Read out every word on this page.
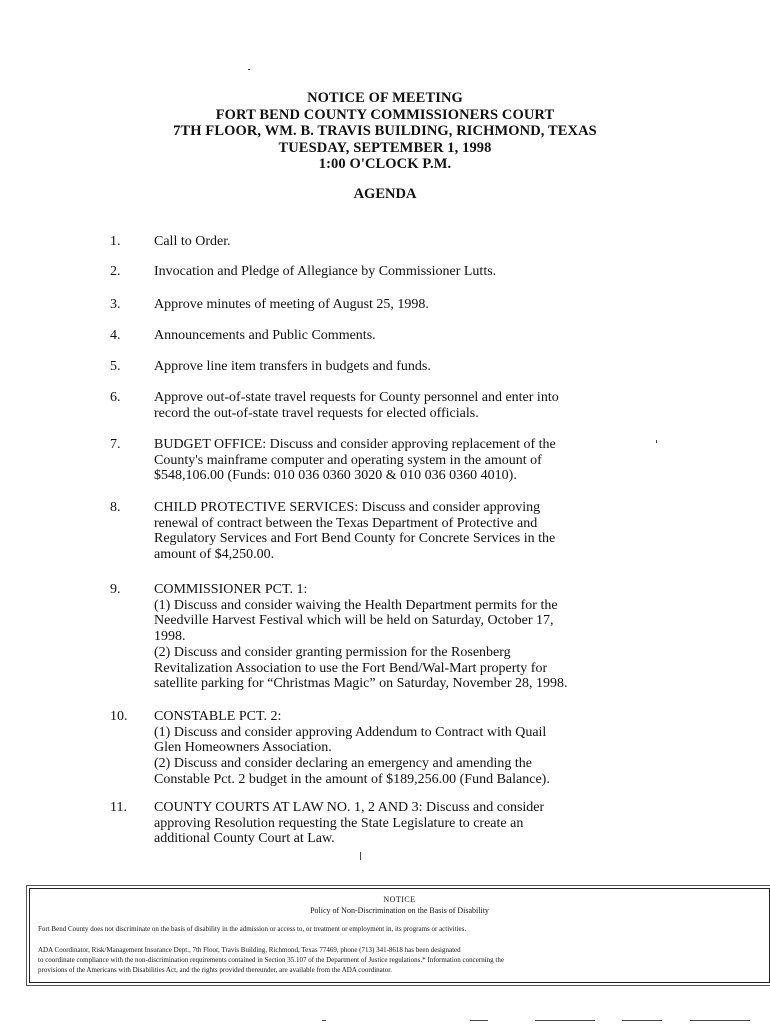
NOTICE OF MEETING
FORT BEND COUNTY COMMISSIONERS COURT
7TH FLOOR, WM. B. TRAVIS BUILDING, RICHMOND, TEXAS
TUESDAY, SEPTEMBER 1, 1998
1:00 O'CLOCK P.M.
AGENDA
1. Call to Order.
2. Invocation and Pledge of Allegiance by Commissioner Lutts.
3. Approve minutes of meeting of August 25, 1998.
4. Announcements and Public Comments.
5. Approve line item transfers in budgets and funds.
6. Approve out-of-state travel requests for County personnel and enter into
record the out-of-state travel requests for elected officials.
7. BUDGET OFFICE: Discuss and consider approving replacement of the
County's mainframe computer and operating system in the amount of
$548,106.00 (Funds: 010 036 0360 3020 & 010 036 0360 4010).
8. CHILD PROTECTIVE SERVICES: Discuss and consider approving
renewal of contract between the Texas Department of Protective and
Regulatory Services and Fort Bend County for Concrete Services in the
amount of $4,250.00.
9. COMMISSIONER PCT. 1:
(1) Discuss and consider waiving the Health Department permits for the
Needville Harvest Festival which will be held on Saturday, October 17,
1998.
(2) Discuss and consider granting permission for the Rosenberg
Revitalization Association to use the Fort Bend/Wal-Mart property for
satellite parking for “Christmas Magic” on Saturday, November 28, 1998.
10. CONSTABLE PCT. 2:
(1) Discuss and consider approving Addendum to Contract with Quail
Glen Homeowners Association.
(2) Discuss and consider declaring an emergency and amending the
Constable Pct. 2 budget in the amount of $189,256.00 (Fund Balance).
11. COUNTY COURTS AT LAW NO. 1, 2 AND 3: Discuss and consider
approving Resolution requesting the State Legislature to create an
additional County Court at Law.
NOTICE
Policy of Non-Discrimination on the Basis of Disability
Fort Bend County does not discriminate on the basis of disability in the admission or access to, or treatment or employment in, its programs or activities.
ADA Coordinator, Risk/Management Insurance Dept., 7th Floor, Travis Building, Richmond, Texas 77469, phone (713) 341-8618 has been designated
to coordinate compliance with the non-discrimination requirements contained in Section 35.107 of the Department of Justice regulations.* Information concerning the
provisions of the Americans with Disabilities Act, and the rights provided thereunder, are available from the ADA coordinator.
